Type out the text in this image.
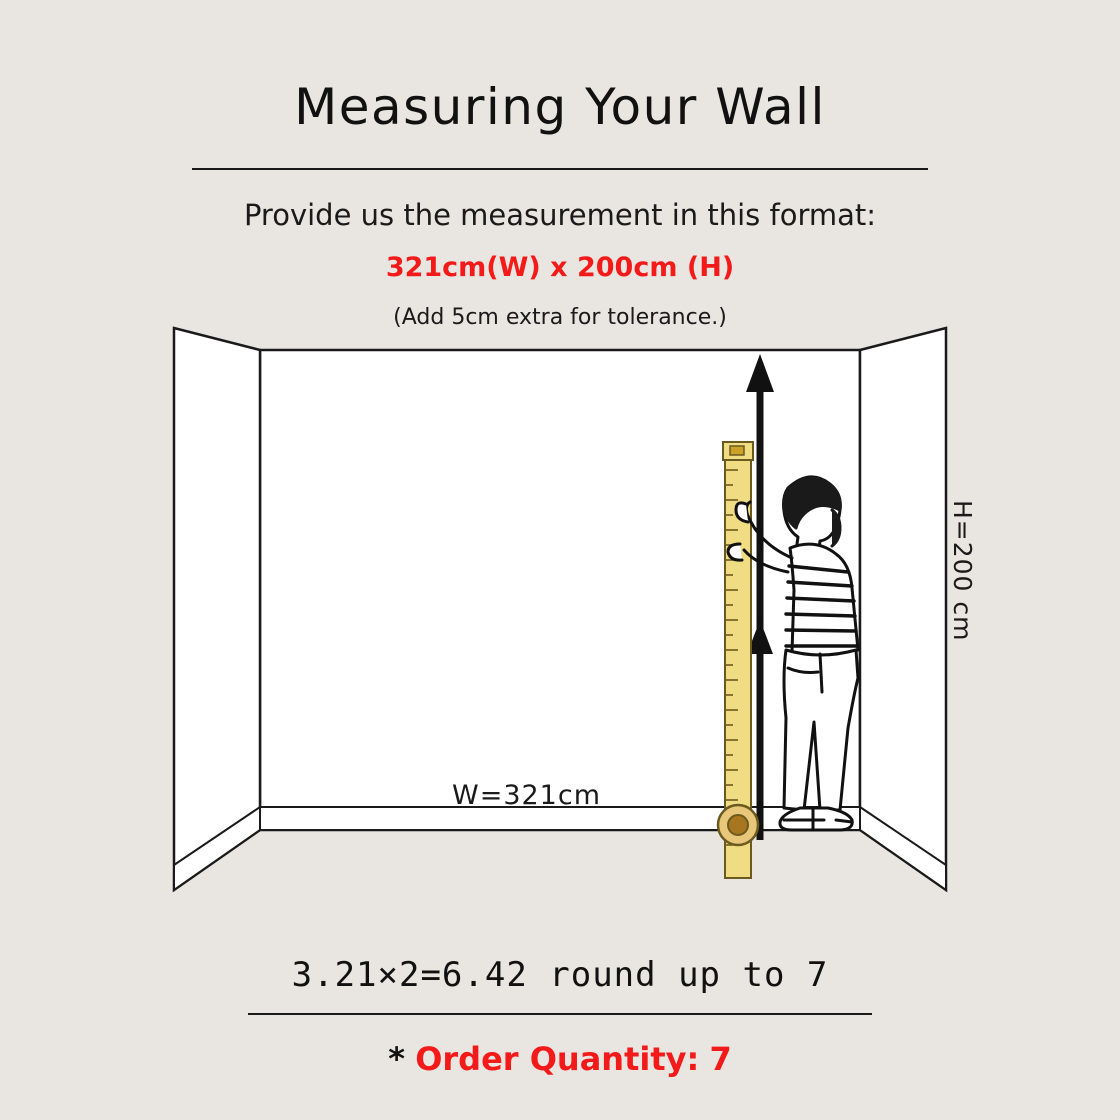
Measuring Your Wall
Provide us the measurement in this format:
321cm(W) x 200cm (H)
(Add 5cm extra for tolerance.)
W=321cm
H=200 cm
3.21×2=6.42 round up to 7
* Order Quantity: 7
